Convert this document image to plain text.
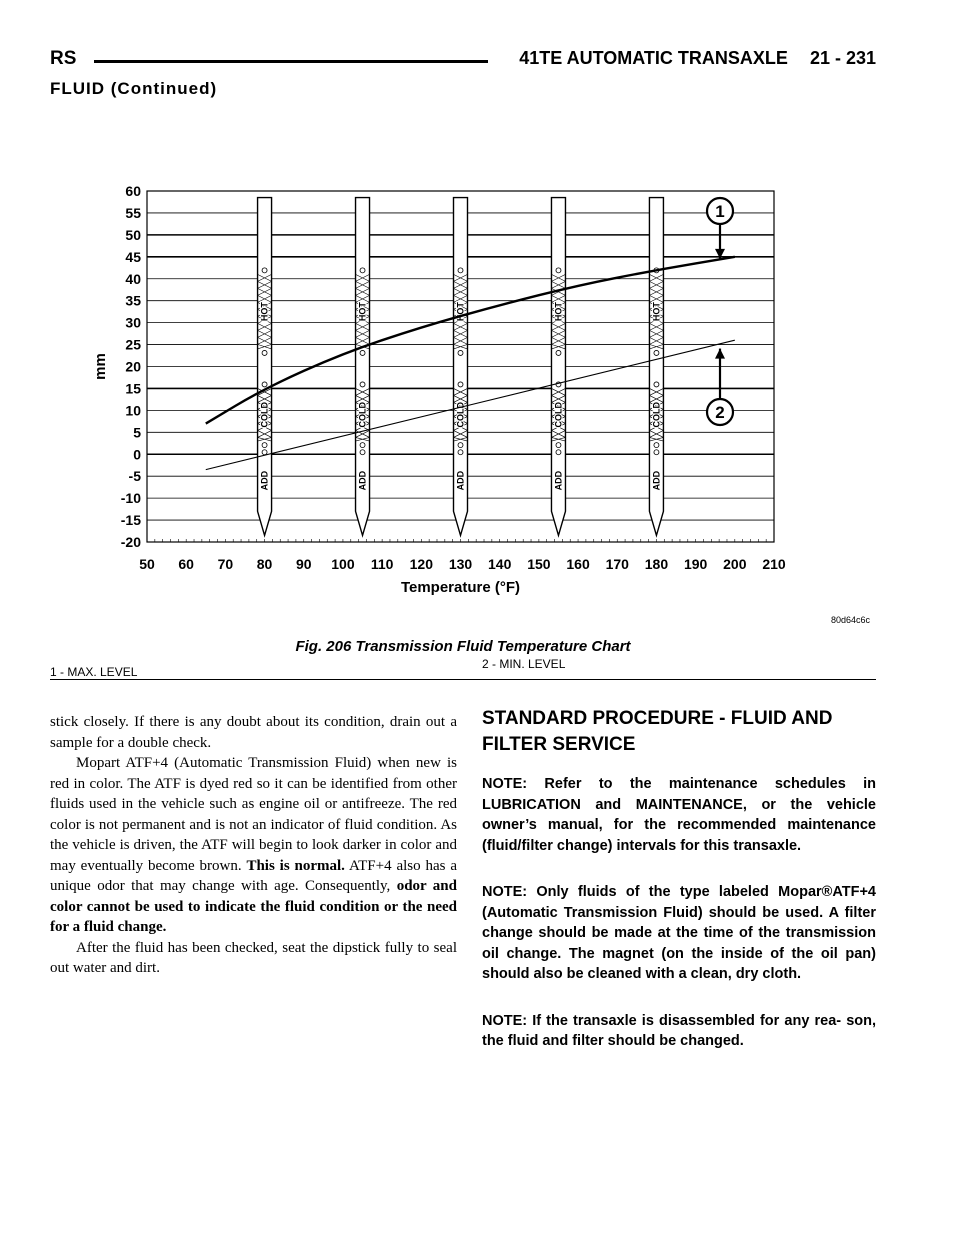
RS	41TE AUTOMATIC TRANSAXLE 21 - 231
FLUID (Continued)
60
55
50
45
40
35
30
25
20
15
10
5
0
-5
-10
-15
-20
50 60 70 80 90 100 110 120 130 140 150 160 170 180 190 200 210
Temperature (°F)
mm
HOT
COLD
ADD
HOT
COLD
ADD
HOT
COLD
ADD
HOT
COLD
ADD
HOT
COLD
ADD
1
2
80d64c6c
Fig. 206 Transmission Fluid Temperature Chart
1 - MAX. LEVEL
2 - MIN. LEVEL

stick closely. If there is any doubt about its condition, drain out a sample for a double check.

Mopart ATF+4 (Automatic Transmission Fluid) when new is red in color. The ATF is dyed red so it can be identified from other fluids used in the vehicle such as engine oil or antifreeze. The red color is not permanent and is not an indicator of fluid condition. As the vehicle is driven, the ATF will begin to look darker in color and may eventually become brown. This is normal. ATF+4 also has a unique odor that may change with age. Consequently, odor and color cannot be used to indicate the fluid condition or the need for a fluid change.

After the fluid has been checked, seat the dipstick fully to seal out water and dirt.

STANDARD PROCEDURE - FLUID AND FILTER SERVICE
NOTE: Refer to the maintenance schedules in LUBRICATION and MAINTENANCE, or the vehicle owner’s manual, for the recommended maintenance (fluid/filter change) intervals for this transaxle.
NOTE: Only fluids of the type labeled Mopar®ATF+4 (Automatic Transmission Fluid) should be used. A filter change should be made at the time of the transmission oil change. The magnet (on the inside of the oil pan) should also be cleaned with a clean, dry cloth.
NOTE: If the transaxle is disassembled for any rea- son, the fluid and filter should be changed.
